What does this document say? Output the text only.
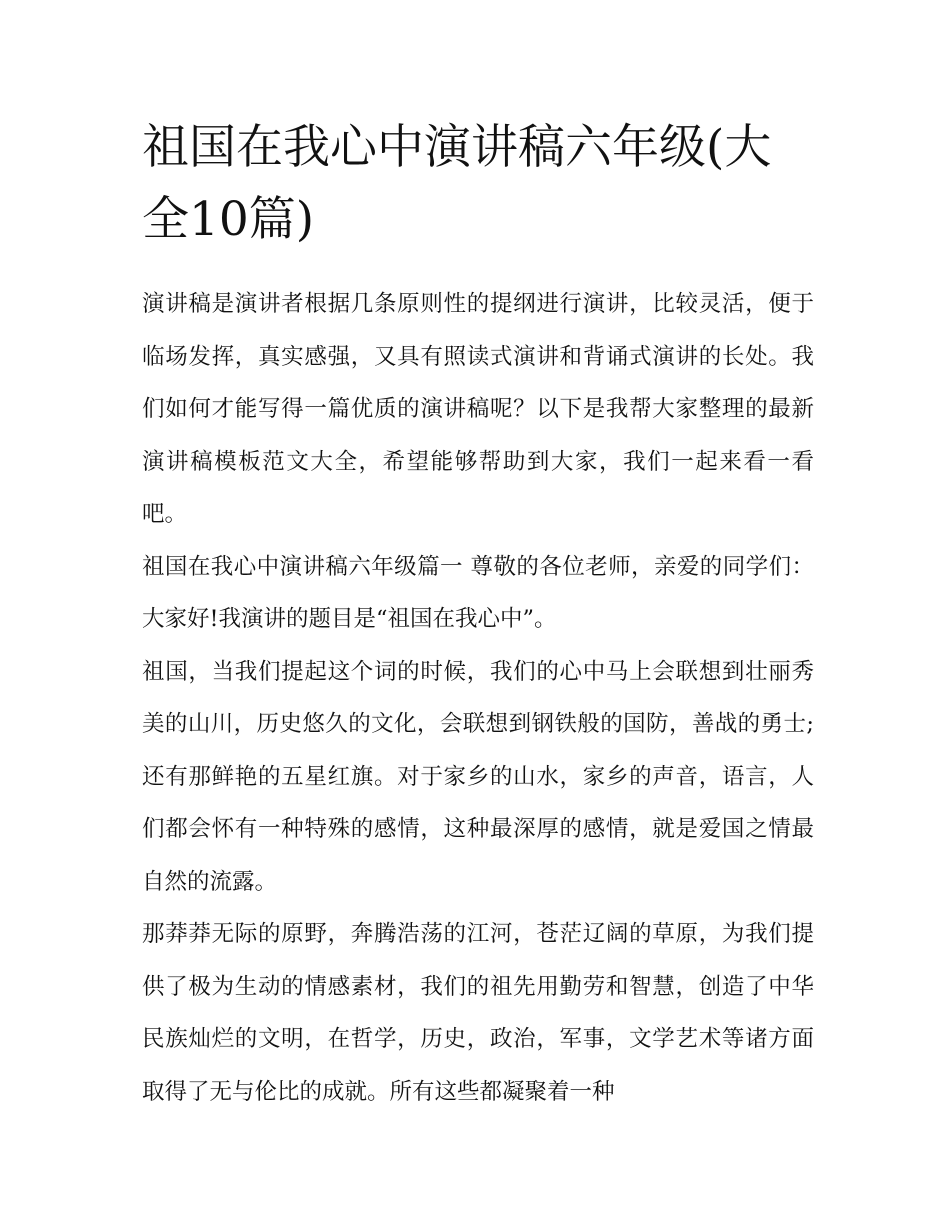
祖国在我心中演讲稿六年级(大全10篇)

演讲稿是演讲者根据几条原则性的提纲进行演讲，比较灵活，便于临场发挥，真实感强，又具有照读式演讲和背诵式演讲的长处。我们如何才能写得一篇优质的演讲稿呢？以下是我帮大家整理的最新演讲稿模板范文大全，希望能够帮助到大家，我们一起来看一看吧。

祖国在我心中演讲稿六年级篇一 尊敬的各位老师，亲爱的同学们： 大家好!我演讲的题目是“祖国在我心中”。

祖国，当我们提起这个词的时候，我们的心中马上会联想到壮丽秀美的山川，历史悠久的文化，会联想到钢铁般的国防，善战的勇士;还有那鲜艳的五星红旗。对于家乡的山水，家乡的声音，语言，人们都会怀有一种特殊的感情，这种最深厚的感情，就是爱国之情最自然的流露。

那莽莽无际的原野，奔腾浩荡的江河，苍茫辽阔的草原，为我们提供了极为生动的情感素材，我们的祖先用勤劳和智慧，创造了中华民族灿烂的文明，在哲学，历史，政治，军事，文学艺术等诸方面取得了无与伦比的成就。所有这些都凝聚着一种
